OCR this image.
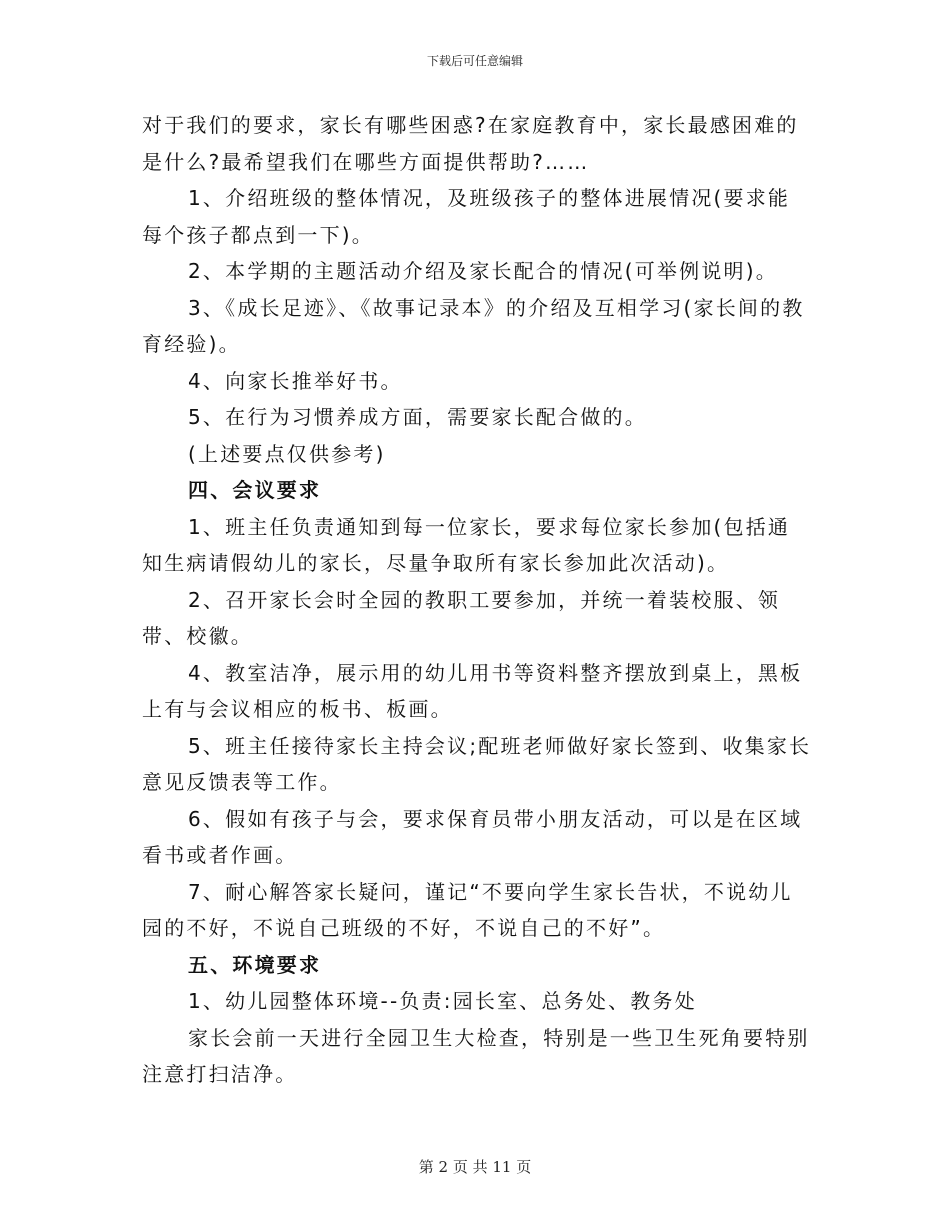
下载后可任意编辑

对于我们的要求，家长有哪些困惑?在家庭教育中，家长最感困难的是什么?最希望我们在哪些方面提供帮助?……

1、介绍班级的整体情况，及班级孩子的整体进展情况(要求能每个孩子都点到一下)。

2、本学期的主题活动介绍及家长配合的情况(可举例说明)。

3、《成长足迹》、《故事记录本》的介绍及互相学习(家长间的教育经验)。

4、向家长推举好书。

5、在行为习惯养成方面，需要家长配合做的。

(上述要点仅供参考)

四、会议要求

1、班主任负责通知到每一位家长，要求每位家长参加(包括通知生病请假幼儿的家长，尽量争取所有家长参加此次活动)。

2、召开家长会时全园的教职工要参加，并统一着装校服、领带、校徽。

4、教室洁净，展示用的幼儿用书等资料整齐摆放到桌上，黑板上有与会议相应的板书、板画。

5、班主任接待家长主持会议;配班老师做好家长签到、收集家长意见反馈表等工作。

6、假如有孩子与会，要求保育员带小朋友活动，可以是在区域看书或者作画。

7、耐心解答家长疑问，谨记“不要向学生家长告状，不说幼儿园的不好，不说自己班级的不好，不说自己的不好”。

五、环境要求

1、幼儿园整体环境--负责:园长室、总务处、教务处

家长会前一天进行全园卫生大检查，特别是一些卫生死角要特别注意打扫洁净。

第 2 页 共 11 页
